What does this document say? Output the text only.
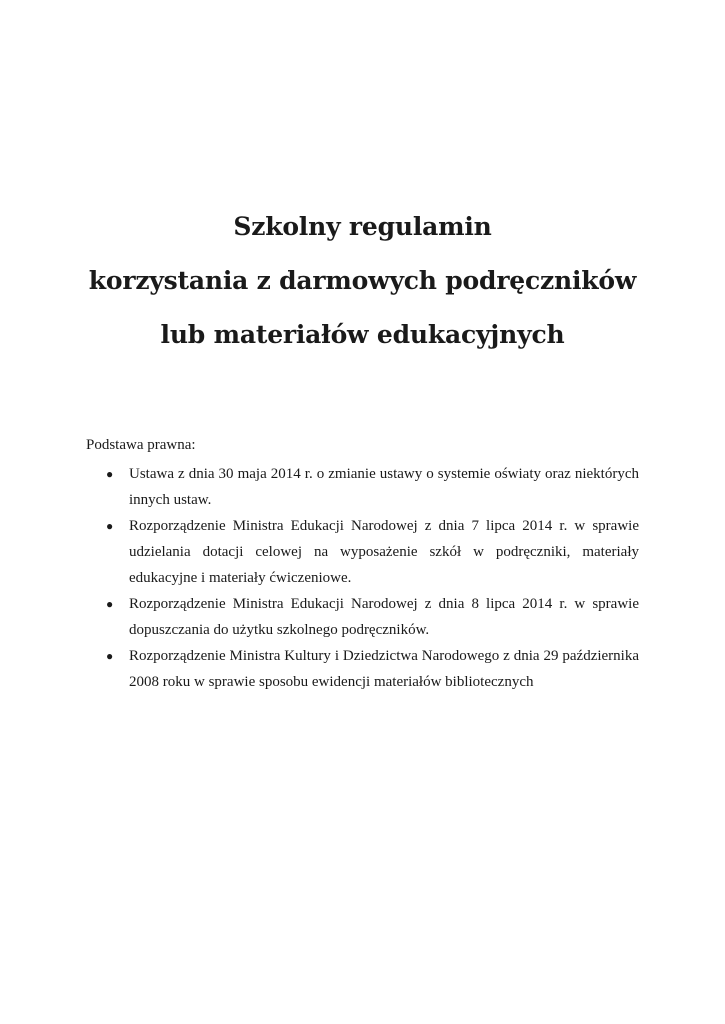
Szkolny regulamin
korzystania z darmowych podręczników
lub materiałów edukacyjnych
Podstawa prawna:
● Ustawa z dnia 30 maja 2014 r. o zmianie ustawy o systemie oświaty oraz niektórych innych ustaw.
● Rozporządzenie Ministra Edukacji Narodowej z dnia 7 lipca 2014 r. w sprawie udzielania dotacji celowej na wyposażenie szkół w podręczniki, materiały edukacyjne i materiały ćwiczeniowe.
● Rozporządzenie Ministra Edukacji Narodowej z dnia 8 lipca 2014 r. w sprawie dopuszczania do użytku szkolnego podręczników.
● Rozporządzenie Ministra Kultury i Dziedzictwa Narodowego z dnia 29 października 2008 roku w sprawie sposobu ewidencji materiałów bibliotecznych
